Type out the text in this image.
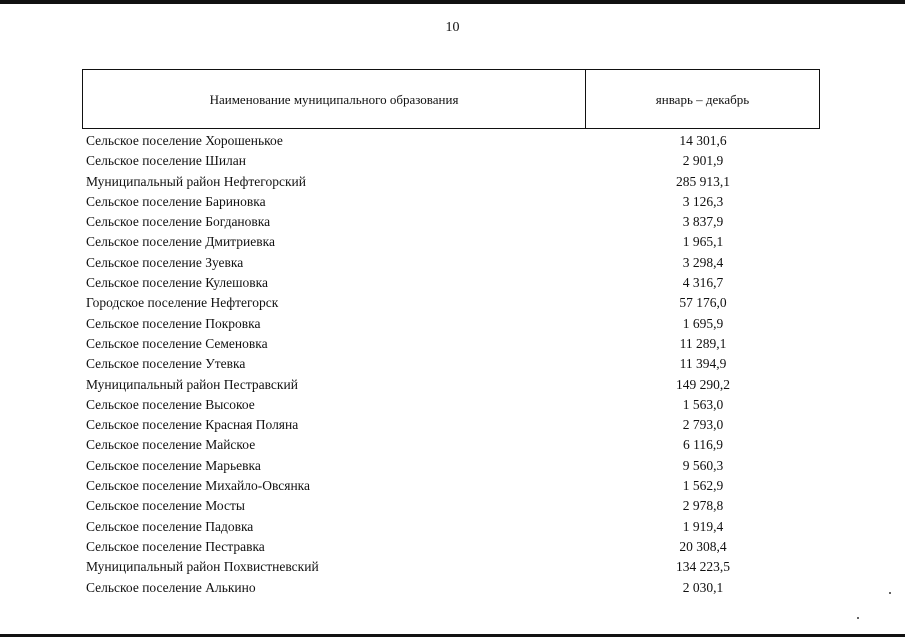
10
Наименование муниципального образования	январь – декабрь
Сельское поселение Хорошенькое	14 301,6
Сельское поселение Шилан	2 901,9
Муниципальный район Нефтегорский	285 913,1
Сельское поселение Бариновка	3 126,3
Сельское поселение Богдановка	3 837,9
Сельское поселение Дмитриевка	1 965,1
Сельское поселение Зуевка	3 298,4
Сельское поселение Кулешовка	4 316,7
Городское поселение Нефтегорск	57 176,0
Сельское поселение Покровка	1 695,9
Сельское поселение Семеновка	11 289,1
Сельское поселение Утевка	11 394,9
Муниципальный район Пестравский	149 290,2
Сельское поселение Высокое	1 563,0
Сельское поселение Красная Поляна	2 793,0
Сельское поселение Майское	6 116,9
Сельское поселение Марьевка	9 560,3
Сельское поселение Михайло-Овсянка	1 562,9
Сельское поселение Мосты	2 978,8
Сельское поселение Падовка	1 919,4
Сельское поселение Пестравка	20 308,4
Муниципальный район Похвистневский	134 223,5
Сельское поселение Алькино	2 030,1
